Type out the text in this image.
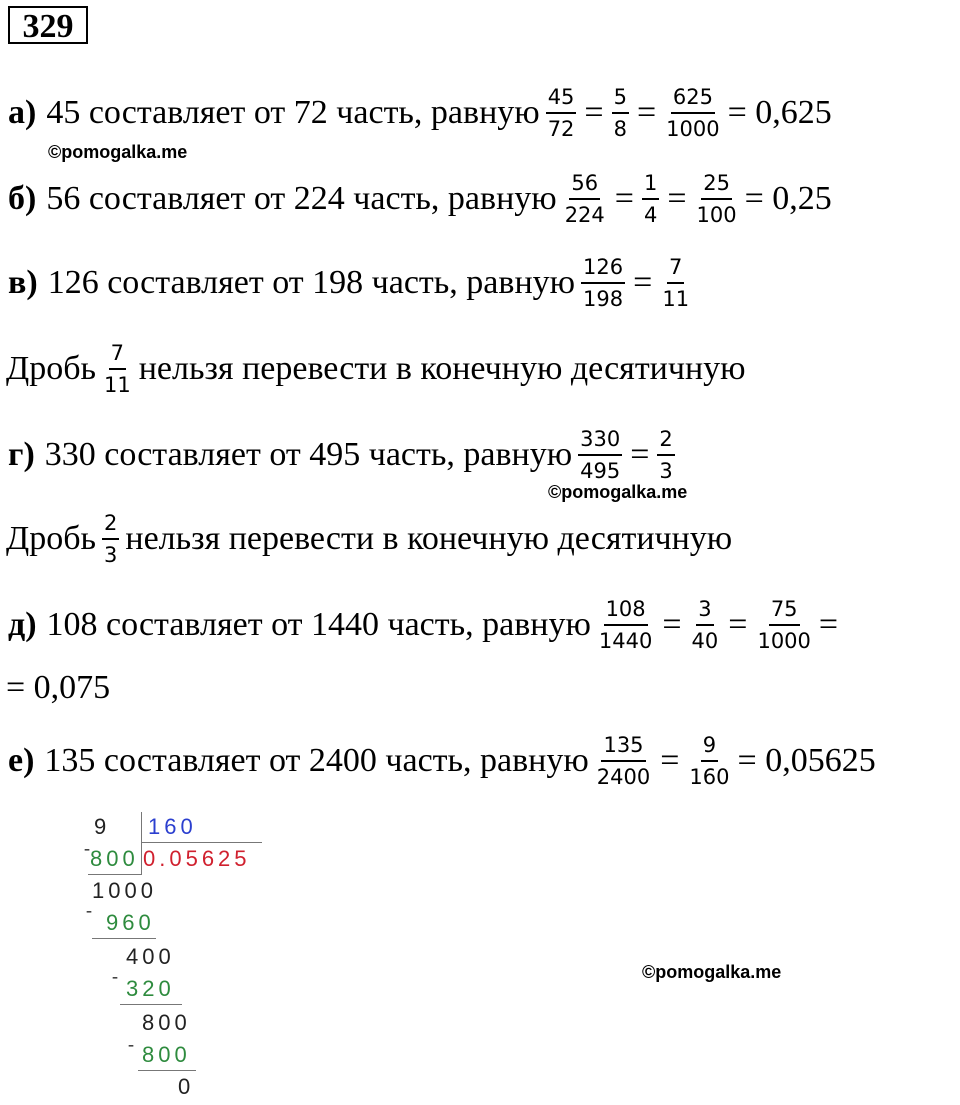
329
а) 45 составляет от 72 часть, равную $\frac{45}{72} = \frac{5}{8} = \frac{625}{1000} = 0,625$
©pomogalka.me
б) 56 составляет от 224 часть, равную $\frac{56}{224} = \frac{1}{4} = \frac{25}{100} = 0,25$
в) 126 составляет от 198 часть, равную $\frac{126}{198} = \frac{7}{11}$
Дробь $\frac{7}{11}$ нельзя перевести в конечную десятичную
г) 330 составляет от 495 часть, равную $\frac{330}{495} = \frac{2}{3}$
©pomogalka.me
Дробь $\frac{2}{3}$ нельзя перевести в конечную десятичную
д) 108 составляет от 1440 часть, равную $\frac{108}{1440} = \frac{3}{40} = \frac{75}{1000}$ =
= 0,075
е) 135 составляет от 2400 часть, равную $\frac{135}{2400} = \frac{9}{160} = 0,05625$
9 160
- 800 0.05625
1000
- 960
400
- 320
800
- 800
0
©pomogalka.me
